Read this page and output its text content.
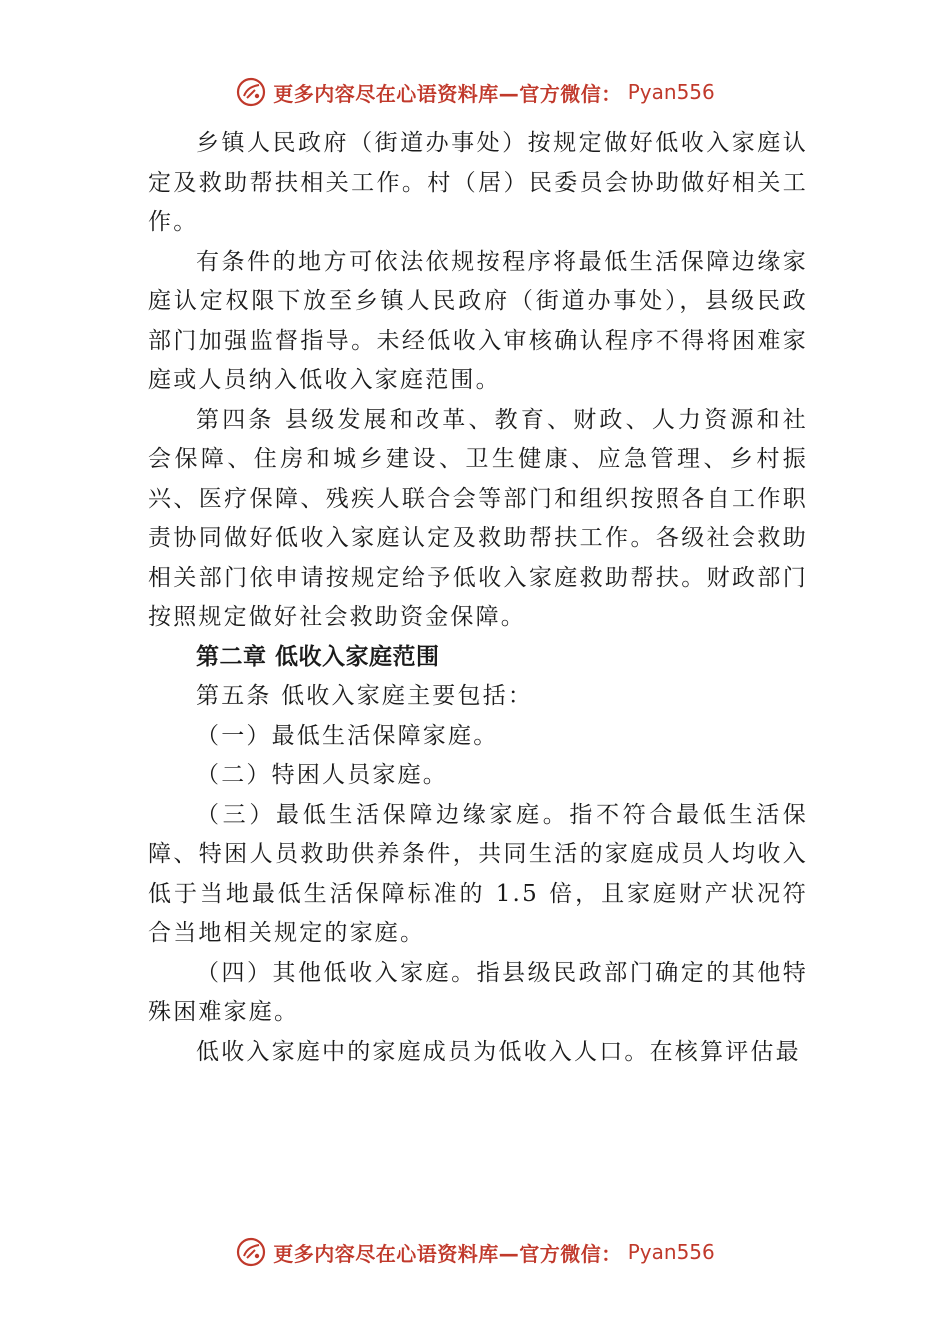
更多内容尽在心语资料库—官方微信： Pyan556

乡镇人民政府（街道办事处）按规定做好低收入家庭认定及救助帮扶相关工作。村（居）民委员会协助做好相关工作。

有条件的地方可依法依规按程序将最低生活保障边缘家庭认定权限下放至乡镇人民政府（街道办事处），县级民政部门加强监督指导。未经低收入审核确认程序不得将困难家庭或人员纳入低收入家庭范围。

第四条 县级发展和改革、教育、财政、人力资源和社会保障、住房和城乡建设、卫生健康、应急管理、乡村振兴、医疗保障、残疾人联合会等部门和组织按照各自工作职责协同做好低收入家庭认定及救助帮扶工作。各级社会救助相关部门依申请按规定给予低收入家庭救助帮扶。财政部门按照规定做好社会救助资金保障。

第二章 低收入家庭范围

第五条 低收入家庭主要包括：

（一）最低生活保障家庭。

（二）特困人员家庭。

（三）最低生活保障边缘家庭。指不符合最低生活保障、特困人员救助供养条件，共同生活的家庭成员人均收入低于当地最低生活保障标准的 1.5 倍，且家庭财产状况符合当地相关规定的家庭。

（四）其他低收入家庭。指县级民政部门确定的其他特殊困难家庭。

低收入家庭中的家庭成员为低收入人口。在核算评估最

更多内容尽在心语资料库—官方微信： Pyan556
